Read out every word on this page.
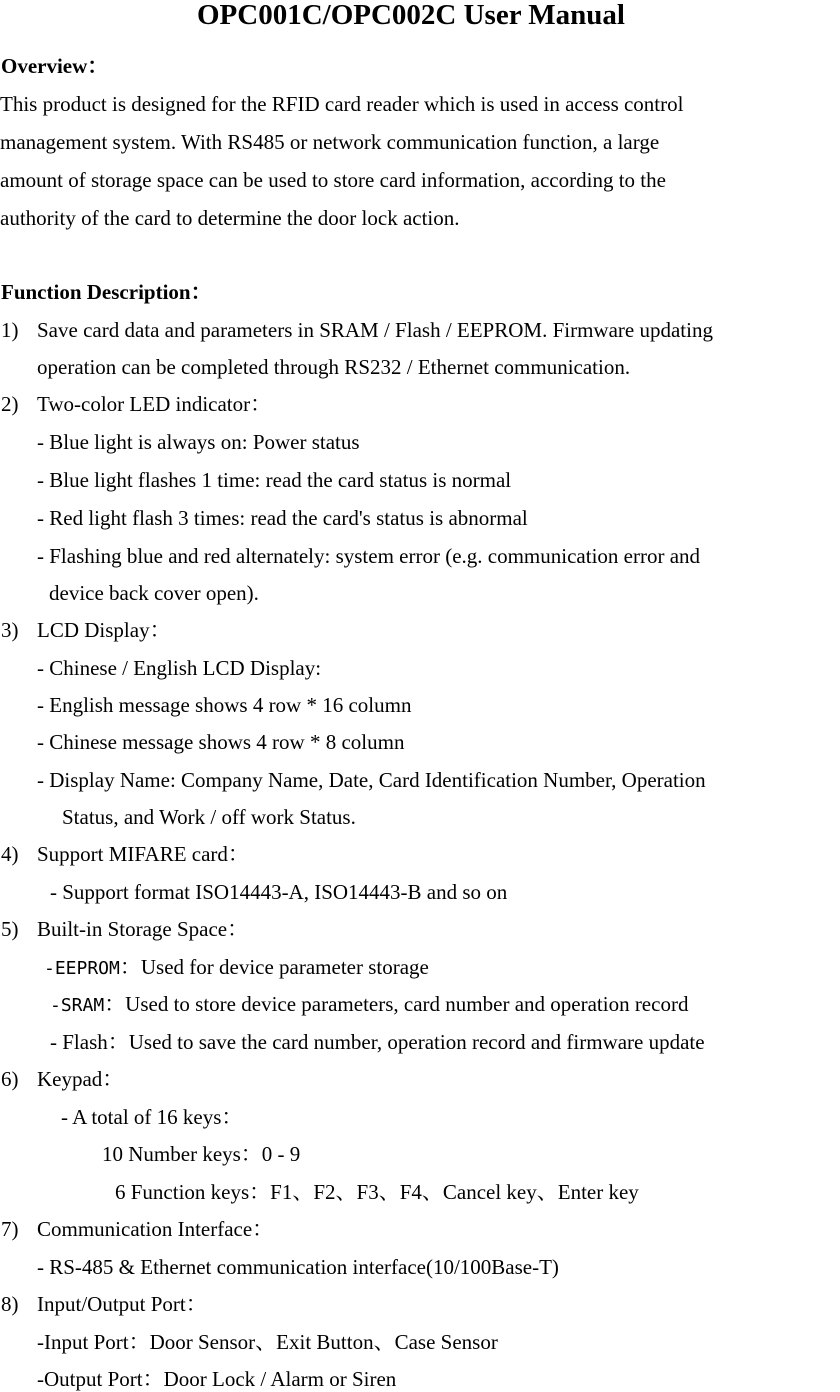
OPC001C/OPC002C User Manual
Overview：
This product is designed for the RFID card reader which is used in access control
management system. With RS485 or network communication function, a large
amount of storage space can be used to store card information, according to the
authority of the card to determine the door lock action.
Function Description：
1) Save card data and parameters in SRAM / Flash / EEPROM. Firmware updating
operation can be completed through RS232 / Ethernet communication.
2) Two-color LED indicator：
- Blue light is always on: Power status
- Blue light flashes 1 time: read the card status is normal
- Red light flash 3 times: read the card's status is abnormal
- Flashing blue and red alternately: system error (e.g. communication error and
device back cover open).
3) LCD Display：
- Chinese / English LCD Display:
- English message shows 4 row * 16 column
- Chinese message shows 4 row * 8 column
- Display Name: Company Name, Date, Card Identification Number, Operation
Status, and Work / off work Status.
4) Support MIFARE card：
- Support format ISO14443-A, ISO14443-B and so on
5) Built-in Storage Space：
-EEPROM：Used for device parameter storage
-SRAM：Used to store device parameters, card number and operation record
- Flash：Used to save the card number, operation record and firmware update
6) Keypad：
- A total of 16 keys：
10 Number keys：0 - 9
6 Function keys：F1、F2、F3、F4、Cancel key、Enter key
7) Communication Interface：
- RS-485 & Ethernet communication interface(10/100Base-T)
8) Input/Output Port：
-Input Port：Door Sensor、Exit Button、Case Sensor
-Output Port：Door Lock / Alarm or Siren
